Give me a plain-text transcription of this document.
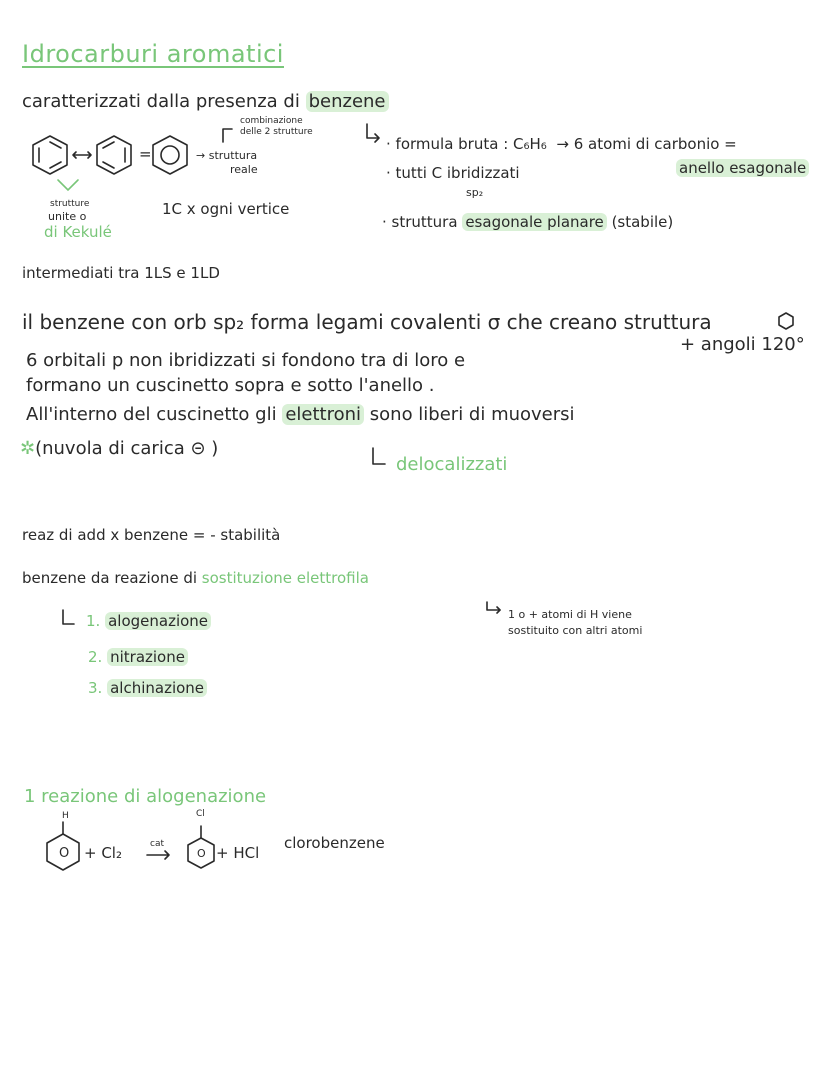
Idrocarburi aromatici
caratterizzati dalla presenza di benzene
combinazione
delle 2 strutture
=	→ struttura
reale
strutture
unite o
di Kekulé
1C x ogni vertice
· formula bruta : C₆H₆ → 6 atomi di carbonio =
anello esagonale
· tutti C ibridizzati
sp₂
· struttura esagonale planare (stabile)
intermediati tra 1LS e 1LD
il benzene con orb sp₂ forma legami covalenti σ che creano struttura
+ angoli 120°
6 orbitali p non ibridizzati si fondono tra di loro e
formano un cuscinetto sopra e sotto l'anello .
All'interno del cuscinetto gli elettroni sono liberi di muoversi
✲(nuvola di carica ⊝ )
delocalizzati
reaz di add x benzene = - stabilità
benzene da reazione di sostituzione elettrofila
1 o + atomi di H viene
sostituito con altri atomi
1. alogenazione
2. nitrazione
3. alchinazione
1 reazione di alogenazione
H
O + Cl₂	cat
Cl
O + HCl
clorobenzene
